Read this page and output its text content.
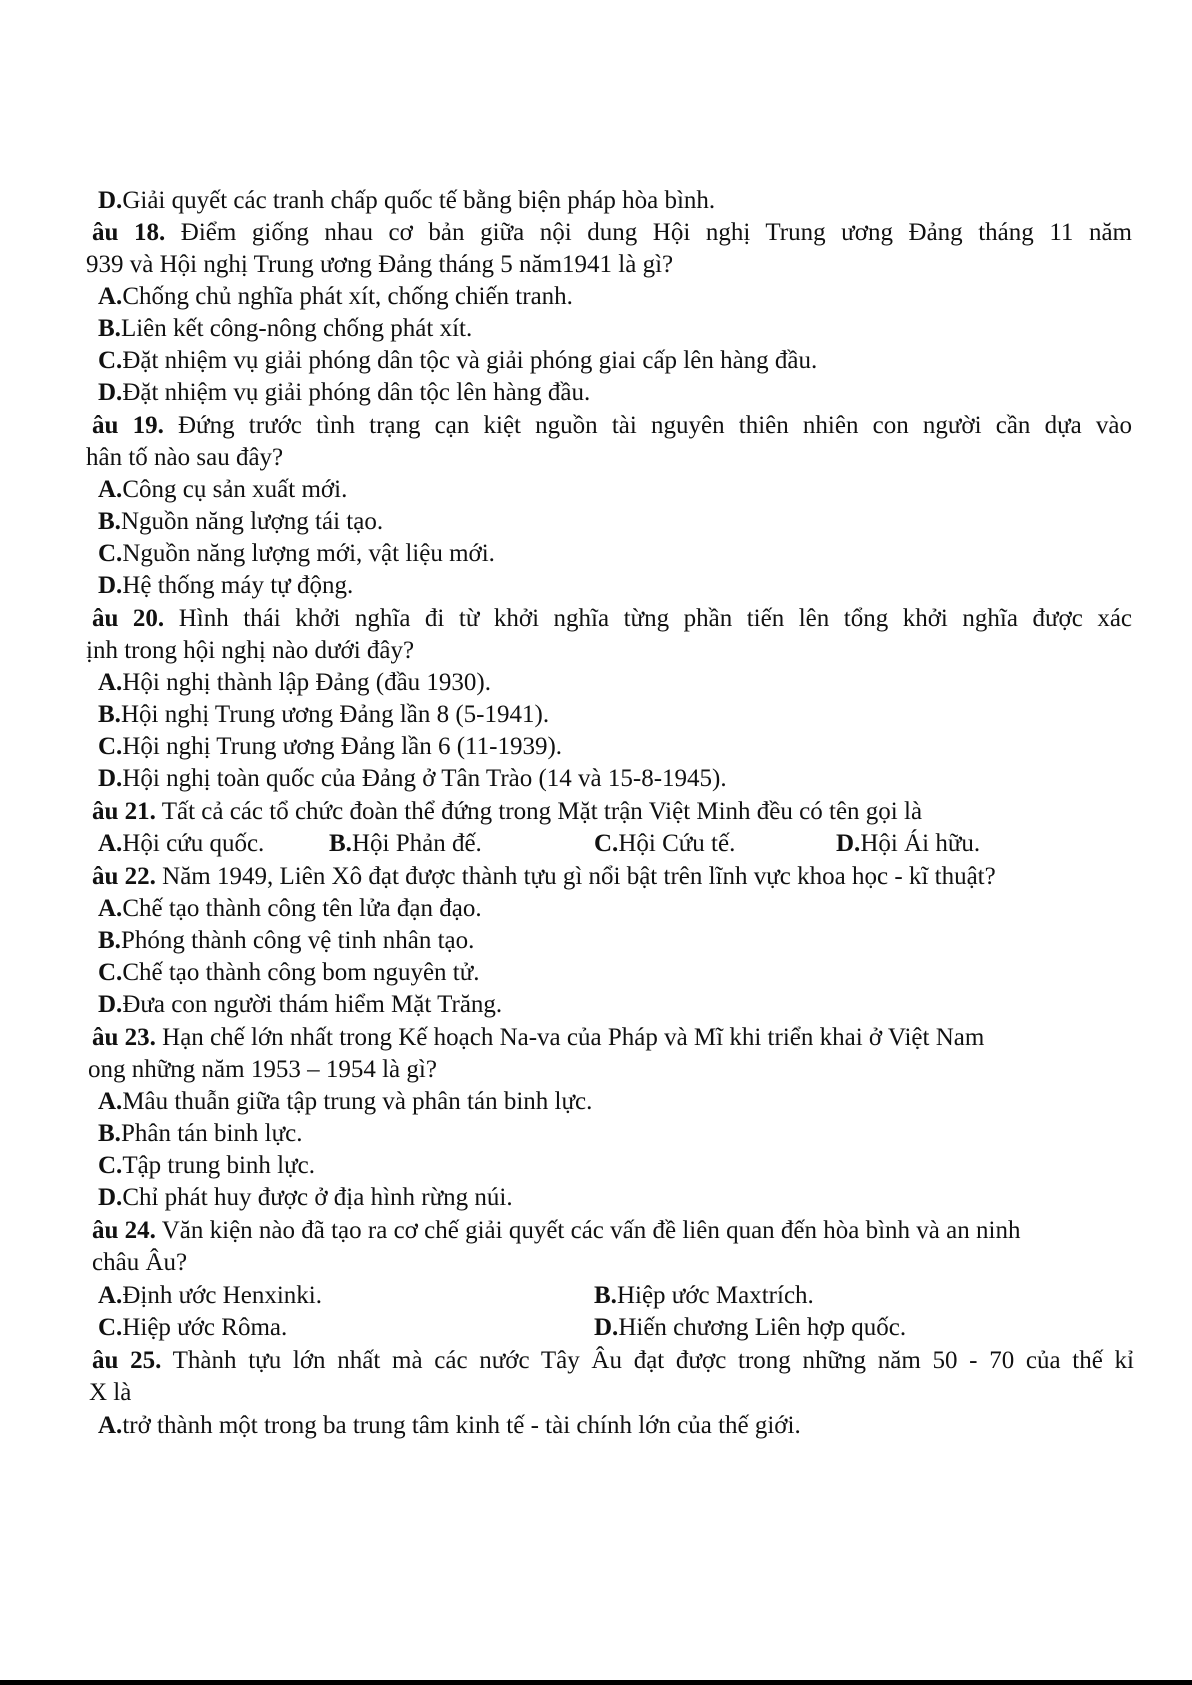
D.Giải quyết các tranh chấp quốc tế bằng biện pháp hòa bình.
âu 18. Điểm giống nhau cơ bản giữa nội dung Hội nghị Trung ương Đảng tháng 11 năm
939 và Hội nghị Trung ương Đảng tháng 5 năm1941 là gì?
A.Chống chủ nghĩa phát xít, chống chiến tranh.
B.Liên kết công-nông chống phát xít.
C.Đặt nhiệm vụ giải phóng dân tộc và giải phóng giai cấp lên hàng đầu.
D.Đặt nhiệm vụ giải phóng dân tộc lên hàng đầu.
âu 19. Đứng trước tình trạng cạn kiệt nguồn tài nguyên thiên nhiên con người cần dựa vào
hân tố nào sau đây?
A.Công cụ sản xuất mới.
B.Nguồn năng lượng tái tạo.
C.Nguồn năng lượng mới, vật liệu mới.
D.Hệ thống máy tự động.
âu 20. Hình thái khởi nghĩa đi từ khởi nghĩa từng phần tiến lên tổng khởi nghĩa được xác
ịnh trong hội nghị nào dưới đây?
A.Hội nghị thành lập Đảng (đầu 1930).
B.Hội nghị Trung ương Đảng lần 8 (5-1941).
C.Hội nghị Trung ương Đảng lần 6 (11-1939).
D.Hội nghị toàn quốc của Đảng ở Tân Trào (14 và 15-8-1945).
âu 21. Tất cả các tổ chức đoàn thể đứng trong Mặt trận Việt Minh đều có tên gọi là
A.Hội cứu quốc.	B.Hội Phản đế.	C.Hội Cứu tế.	D.Hội Ái hữu.
âu 22. Năm 1949, Liên Xô đạt được thành tựu gì nổi bật trên lĩnh vực khoa học - kĩ thuật?
A.Chế tạo thành công tên lửa đạn đạo.
B.Phóng thành công vệ tinh nhân tạo.
C.Chế tạo thành công bom nguyên tử.
D.Đưa con người thám hiểm Mặt Trăng.
âu 23. Hạn chế lớn nhất trong Kế hoạch Na-va của Pháp và Mĩ khi triển khai ở Việt Nam
ong những năm 1953 – 1954 là gì?
A.Mâu thuẫn giữa tập trung và phân tán binh lực.
B.Phân tán binh lực.
C.Tập trung binh lực.
D.Chỉ phát huy được ở địa hình rừng núi.
âu 24. Văn kiện nào đã tạo ra cơ chế giải quyết các vấn đề liên quan đến hòa bình và an ninh
châu Âu?
A.Định ước Henxinki.	B.Hiệp ước Maxtrích.
C.Hiệp ước Rôma.	D.Hiến chương Liên hợp quốc.
âu 25. Thành tựu lớn nhất mà các nước Tây Âu đạt được trong những năm 50 - 70 của thế kỉ
X là
A.trở thành một trong ba trung tâm kinh tế - tài chính lớn của thế giới.
